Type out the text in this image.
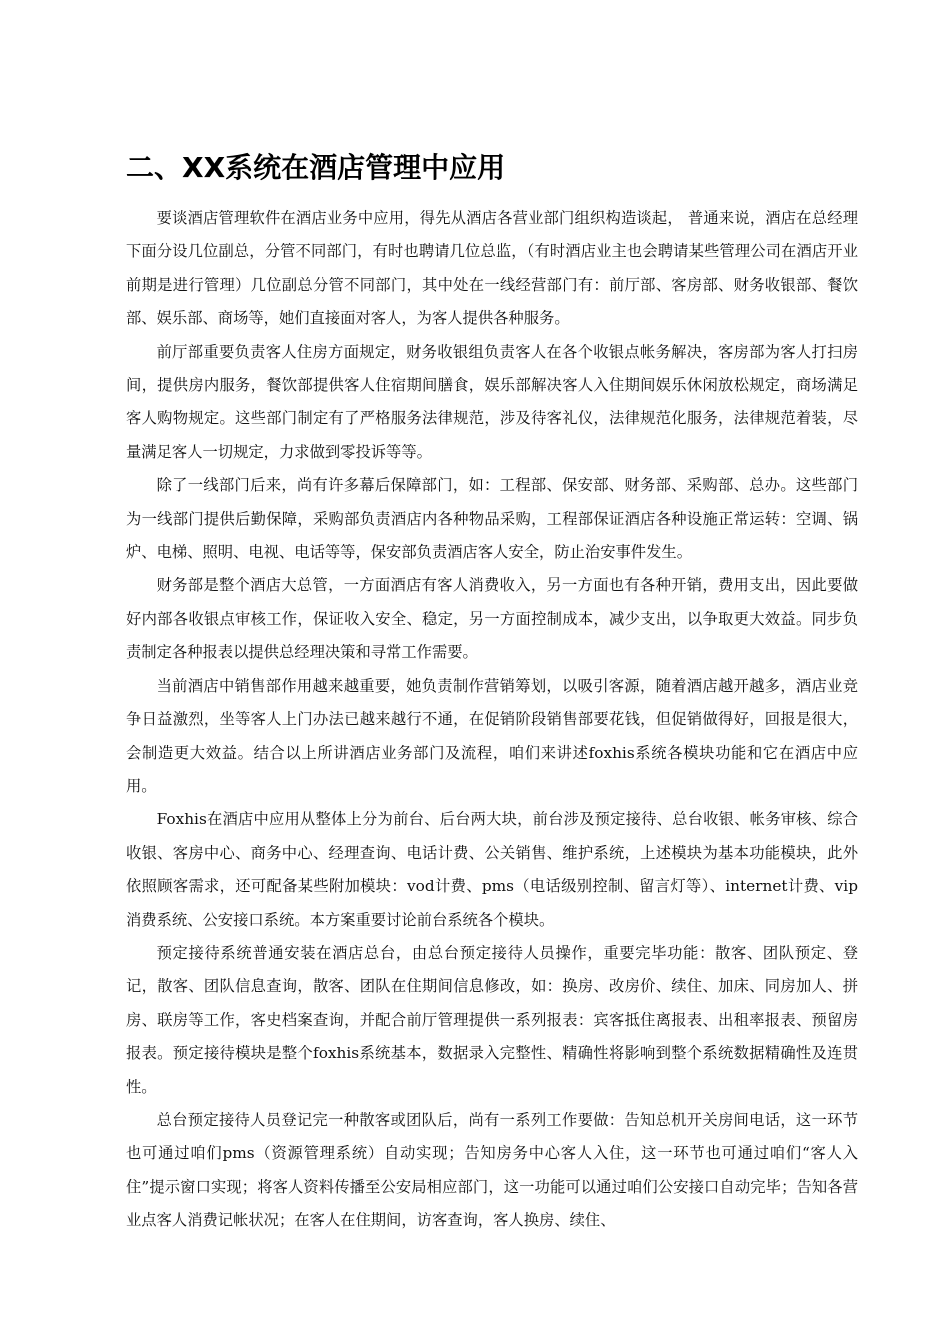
二、XX系统在酒店管理中应用

要谈酒店管理软件在酒店业务中应用，得先从酒店各营业部门组织构造谈起， 普通来说，酒店在总经理下面分设几位副总，分管不同部门，有时也聘请几位总监，（有时酒店业主也会聘请某些管理公司在酒店开业前期是进行管理）几位副总分管不同部门，其中处在一线经营部门有：前厅部、客房部、财务收银部、餐饮部、娱乐部、商场等，她们直接面对客人，为客人提供各种服务。

前厅部重要负责客人住房方面规定，财务收银组负责客人在各个收银点帐务解决，客房部为客人打扫房间，提供房内服务，餐饮部提供客人住宿期间膳食，娱乐部解决客人入住期间娱乐休闲放松规定，商场满足客人购物规定。这些部门制定有了严格服务法律规范，涉及待客礼仪，法律规范化服务，法律规范着装，尽量满足客人一切规定，力求做到零投诉等等。

除了一线部门后来，尚有许多幕后保障部门，如：工程部、保安部、财务部、采购部、总办。这些部门为一线部门提供后勤保障，采购部负责酒店内各种物品采购，工程部保证酒店各种设施正常运转：空调、锅炉、电梯、照明、电视、电话等等，保安部负责酒店客人安全，防止治安事件发生。

财务部是整个酒店大总管，一方面酒店有客人消费收入，另一方面也有各种开销，费用支出，因此要做好内部各收银点审核工作，保证收入安全、稳定，另一方面控制成本，减少支出，以争取更大效益。同步负责制定各种报表以提供总经理决策和寻常工作需要。

当前酒店中销售部作用越来越重要，她负责制作营销筹划，以吸引客源，随着酒店越开越多，酒店业竞争日益激烈，坐等客人上门办法已越来越行不通，在促销阶段销售部要花钱，但促销做得好，回报是很大，会制造更大效益。结合以上所讲酒店业务部门及流程，咱们来讲述foxhis系统各模块功能和它在酒店中应用。

Foxhis在酒店中应用从整体上分为前台、后台两大块，前台涉及预定接待、总台收银、帐务审核、综合收银、客房中心、商务中心、经理查询、电话计费、公关销售、维护系统，上述模块为基本功能模块，此外依照顾客需求，还可配备某些附加模块：vod计费、pms（电话级别控制、留言灯等）、internet计费、vip消费系统、公安接口系统。本方案重要讨论前台系统各个模块。

预定接待系统普通安装在酒店总台，由总台预定接待人员操作，重要完毕功能：散客、团队预定、登记，散客、团队信息查询，散客、团队在住期间信息修改，如：换房、改房价、续住、加床、同房加人、拼房、联房等工作，客史档案查询，并配合前厅管理提供一系列报表：宾客抵住离报表、出租率报表、预留房报表。预定接待模块是整个foxhis系统基本，数据录入完整性、精确性将影响到整个系统数据精确性及连贯性。

总台预定接待人员登记完一种散客或团队后，尚有一系列工作要做：告知总机开关房间电话，这一环节也可通过咱们pms（资源管理系统）自动实现；告知房务中心客人入住，这一环节也可通过咱们“客人入住”提示窗口实现；将客人资料传播至公安局相应部门，这一功能可以通过咱们公安接口自动完毕；告知各营业点客人消费记帐状况；在客人在住期间，访客查询，客人换房、续住、
